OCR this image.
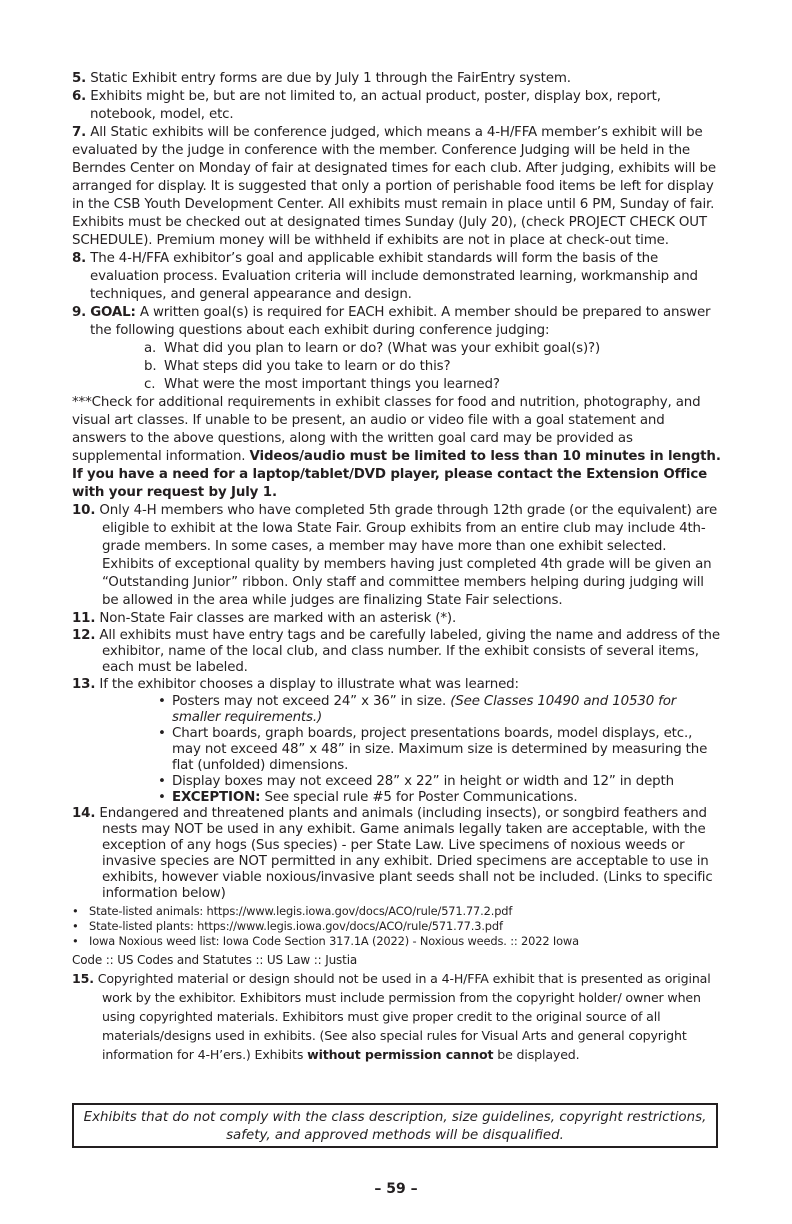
5. Static Exhibit entry forms are due by July 1 through the FairEntry system.

6. Exhibits might be, but are not limited to, an actual product, poster, display box, report, notebook, model, etc.

7. All Static exhibits will be conference judged, which means a 4-H/FFA member’s exhibit will be evaluated by the judge in conference with the member. Conference Judging will be held in the Berndes Center on Monday of fair at designated times for each club. After judging, exhibits will be arranged for display. It is suggested that only a portion of perishable food items be left for display in the CSB Youth Development Center. All exhibits must remain in place until 6 PM, Sunday of fair. Exhibits must be checked out at designated times Sunday (July 20), (check PROJECT CHECK OUT SCHEDULE). Premium money will be withheld if exhibits are not in place at check-out time.

8. The 4-H/FFA exhibitor’s goal and applicable exhibit standards will form the basis of the evaluation process. Evaluation criteria will include demonstrated learning, workmanship and techniques, and general appearance and design.

9. GOAL: A written goal(s) is required for EACH exhibit. A member should be prepared to answer the following questions about each exhibit during conference judging:

a. What did you plan to learn or do? (What was your exhibit goal(s)?)
b. What steps did you take to learn or do this?
c. What were the most important things you learned?

***Check for additional requirements in exhibit classes for food and nutrition, photography, and visual art classes. If unable to be present, an audio or video file with a goal statement and answers to the above questions, along with the written goal card may be provided as supplemental information. Videos/audio must be limited to less than 10 minutes in length. If you have a need for a laptop/tablet/DVD player, please contact the Extension Office with your request by July 1.

10. Only 4-H members who have completed 5th grade through 12th grade (or the equivalent) are eligible to exhibit at the Iowa State Fair. Group exhibits from an entire club may include 4th-grade members. In some cases, a member may have more than one exhibit selected. Exhibits of exceptional quality by members having just completed 4th grade will be given an “Outstanding Junior” ribbon. Only staff and committee members helping during judging will be allowed in the area while judges are finalizing State Fair selections.

11. Non-State Fair classes are marked with an asterisk (*).

12. All exhibits must have entry tags and be carefully labeled, giving the name and address of the exhibitor, name of the local club, and class number. If the exhibit consists of several items, each must be labeled.

13. If the exhibitor chooses a display to illustrate what was learned:

• Posters may not exceed 24” x 36” in size. (See Classes 10490 and 10530 for smaller requirements.)
• Chart boards, graph boards, project presentations boards, model displays, etc., may not exceed 48” x 48” in size. Maximum size is determined by measuring the flat (unfolded) dimensions.
• Display boxes may not exceed 28” x 22” in height or width and 12” in depth
• EXCEPTION: See special rule #5 for Poster Communications.

14. Endangered and threatened plants and animals (including insects), or songbird feathers and nests may NOT be used in any exhibit. Game animals legally taken are acceptable, with the exception of any hogs (Sus species) - per State Law. Live specimens of noxious weeds or invasive species are NOT permitted in any exhibit. Dried specimens are acceptable to use in exhibits, however viable noxious/invasive plant seeds shall not be included. (Links to specific information below)

• State-listed animals: https://www.legis.iowa.gov/docs/ACO/rule/571.77.2.pdf
• State-listed plants: https://www.legis.iowa.gov/docs/ACO/rule/571.77.3.pdf
• Iowa Noxious weed list: Iowa Code Section 317.1A (2022) - Noxious weeds. :: 2022 Iowa

Code :: US Codes and Statutes :: US Law :: Justia

15. Copyrighted material or design should not be used in a 4-H/FFA exhibit that is presented as original work by the exhibitor. Exhibitors must include permission from the copyright holder/ owner when using copyrighted materials. Exhibitors must give proper credit to the original source of all materials/designs used in exhibits. (See also special rules for Visual Arts and general copyright information for 4-H’ers.) Exhibits without permission cannot be displayed.

Exhibits that do not comply with the class description, size guidelines, copyright restrictions, safety, and approved methods will be disqualified.
– 59 –
